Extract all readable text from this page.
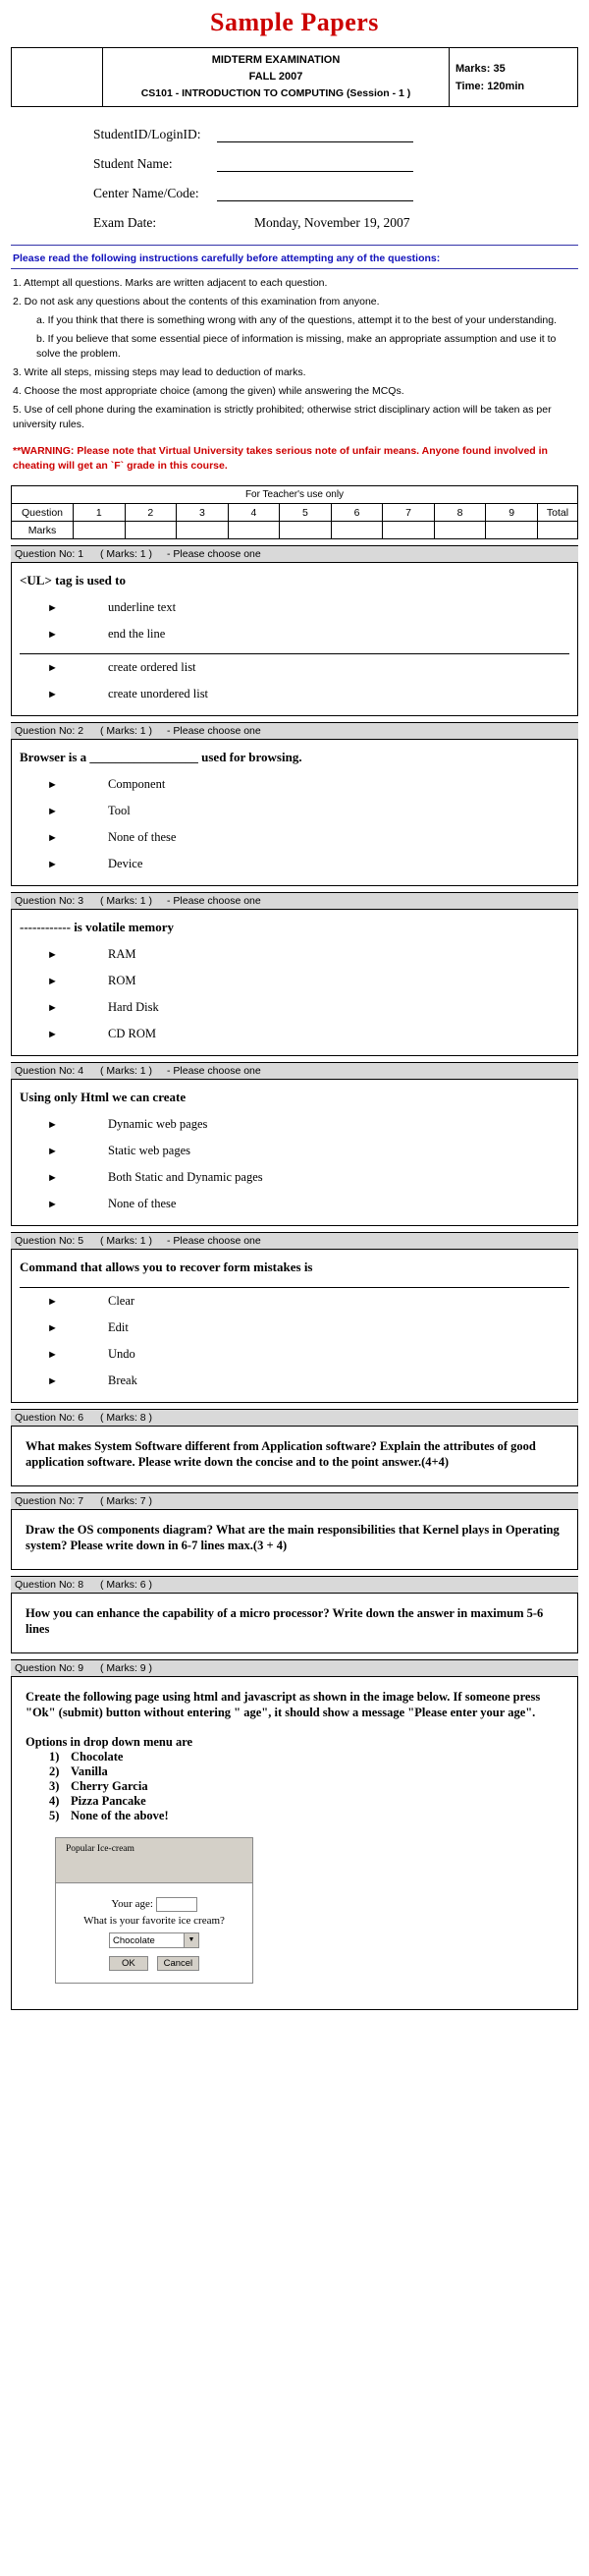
Sample Papers

MIDTERM EXAMINATION
FALL 2007
CS101 - INTRODUCTION TO COMPUTING (Session - 1 )

Marks: 35
Time: 120min
StudentID/LoginID:
Student Name:
Center Name/Code:
Exam Date:	Monday, November 19, 2007
Please read the following instructions carefully before attempting any of the questions:
1. Attempt all questions. Marks are written adjacent to each question.
2. Do not ask any questions about the contents of this examination from anyone.
a. If you think that there is something wrong with any of the questions, attempt it to the best of your understanding.
b. If you believe that some essential piece of information is missing, make an appropriate assumption and use it to solve the problem.
3. Write all steps, missing steps may lead to deduction of marks.
4. Choose the most appropriate choice (among the given) while answering the MCQs.
5. Use of cell phone during the examination is strictly prohibited; otherwise strict disciplinary action will be taken as per university rules.
**WARNING: Please note that Virtual University takes serious note of unfair means. Anyone found involved in cheating will get an `F` grade in this course.
For Teacher's use only										
Question	1	2	3	4	5	6	7	8	9	Total
Marks										
Question No: 1 ( Marks: 1 ) - Please choose one
<UL> tag is used to
►	underline text
►	end the line
►	create ordered list
►	create unordered list
Question No: 2 ( Marks: 1 ) - Please choose one
Browser is a _________________ used for browsing.
►	Component
►	Tool
►	None of these
►	Device
Question No: 3 ( Marks: 1 ) - Please choose one
------------ is volatile memory
►	RAM
►	ROM
►	Hard Disk
►	CD ROM
Question No: 4 ( Marks: 1 ) - Please choose one
Using only Html we can create
►	Dynamic web pages
►	Static web pages
►	Both Static and Dynamic pages
►	None of these
Question No: 5 ( Marks: 1 ) - Please choose one
Command that allows you to recover form mistakes is
►	Clear
►	Edit
►	Undo
►	Break
Question No: 6 ( Marks: 8 )
What makes System Software different from Application software? Explain the attributes of good application software. Please write down the concise and to the point answer.(4+4)
Question No: 7 ( Marks: 7 )
Draw the OS components diagram? What are the main responsibilities that Kernel plays in Operating system? Please write down in 6-7 lines max.(3 + 4)
Question No: 8 ( Marks: 6 )
How you can enhance the capability of a micro processor? Write down the answer in maximum 5-6 lines
Question No: 9 ( Marks: 9 )
Create the following page using html and javascript as shown in the image below. If someone press "Ok" (submit) button without entering " age", it should show a message "Please enter your age".
Options in drop down menu are
1) Chocolate
2) Vanilla
3) Cherry Garcia
4) Pizza Pancake
5) None of the above!
Popular Ice-cream
Your age:
What is your favorite ice cream?
Chocolate	▼
OK	Cancel
